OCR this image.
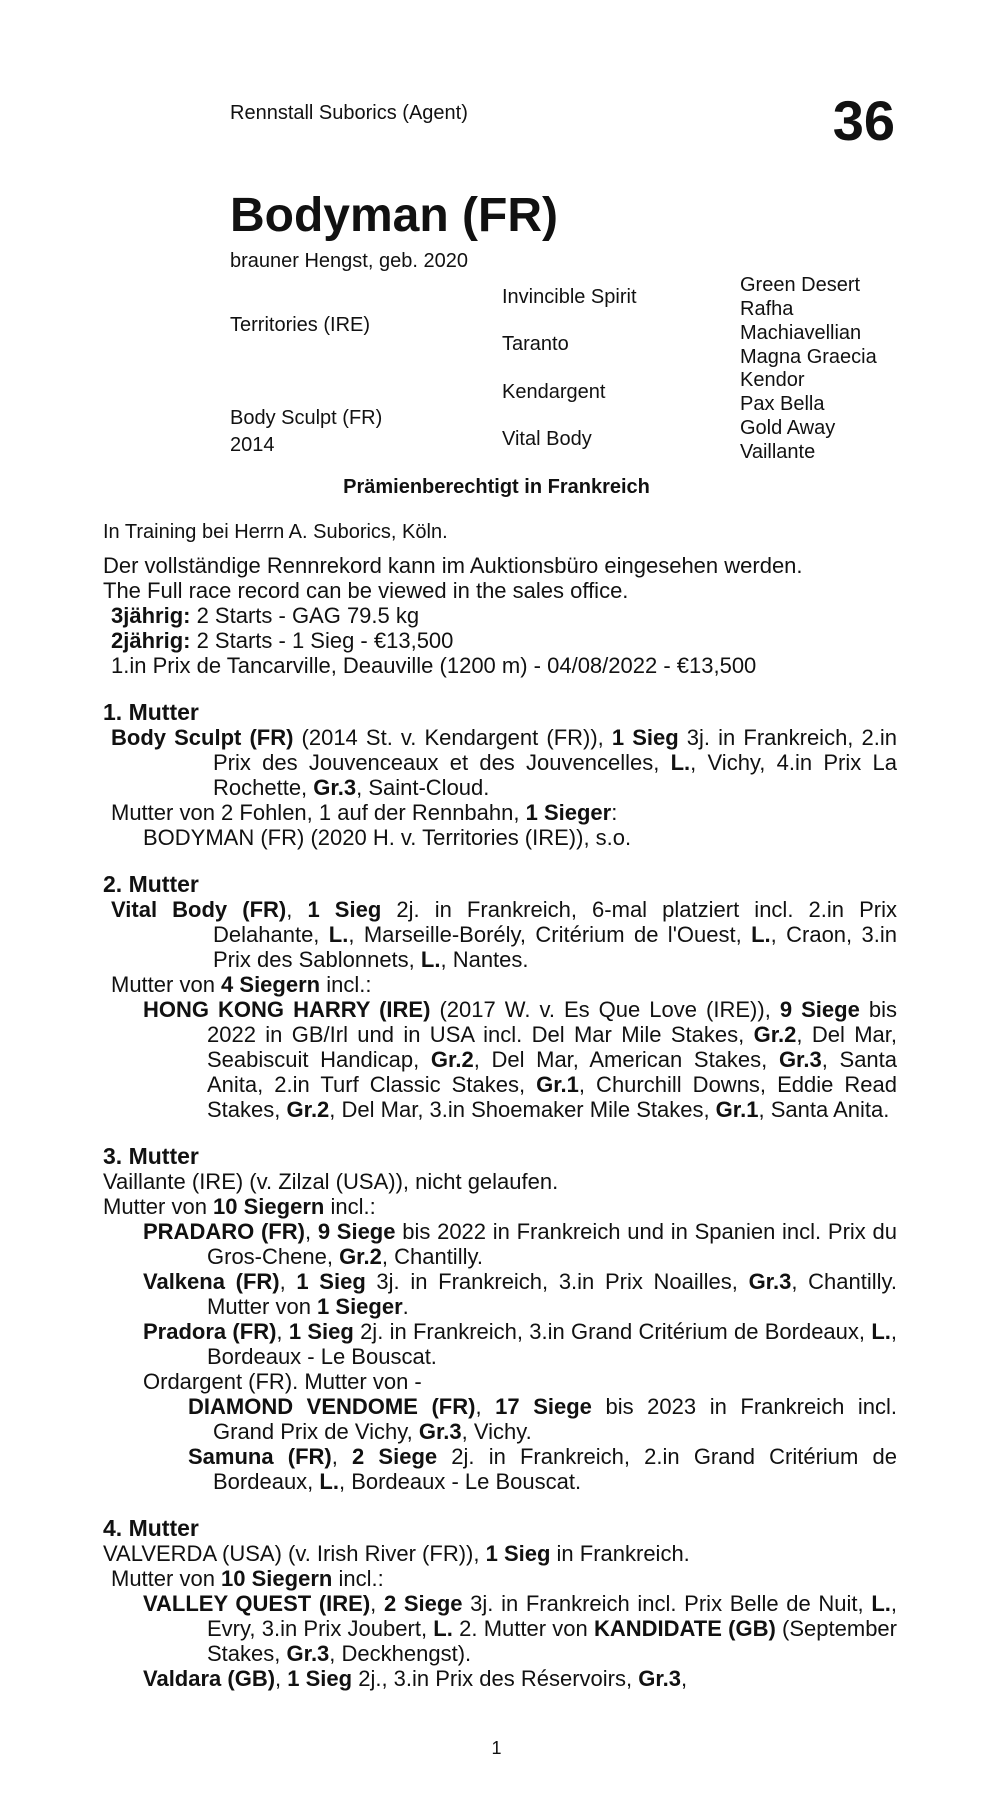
Rennstall Suborics (Agent)	36
Bodyman (FR)
brauner Hengst, geb. 2020
Territories (IRE)
Body Sculpt (FR)
2014
Invincible Spirit
Taranto
Kendargent
Vital Body
Green Desert
Rafha
Machiavellian
Magna Graecia
Kendor
Pax Bella
Gold Away
Vaillante
Prämienberechtigt in Frankreich

In Training bei Herrn A. Suborics, Köln.

Der vollständige Rennrekord kann im Auktionsbüro eingesehen werden.

The Full race record can be viewed in the sales office.

3jährig: 2 Starts - GAG 79.5 kg

2jährig: 2 Starts - 1 Sieg - €13,500

1.in Prix de Tancarville, Deauville (1200 m) - 04/08/2022 - €13,500

1. Mutter

Body Sculpt (FR) (2014 St. v. Kendargent (FR)), 1 Sieg 3j. in Frankreich, 2.in Prix des Jouvenceaux et des Jouvencelles, L., Vichy, 4.in Prix La Rochette, Gr.3, Saint-Cloud.

Mutter von 2 Fohlen, 1 auf der Rennbahn, 1 Sieger:

BODYMAN (FR) (2020 H. v. Territories (IRE)), s.o.

2. Mutter

Vital Body (FR), 1 Sieg 2j. in Frankreich, 6-mal platziert incl. 2.in Prix Delahante, L., Marseille-Borély, Critérium de l'Ouest, L., Craon, 3.in Prix des Sablonnets, L., Nantes.

Mutter von 4 Siegern incl.:

HONG KONG HARRY (IRE) (2017 W. v. Es Que Love (IRE)), 9 Siege bis 2022 in GB/Irl und in USA incl. Del Mar Mile Stakes, Gr.2, Del Mar, Seabiscuit Handicap, Gr.2, Del Mar, American Stakes, Gr.3, Santa Anita, 2.in Turf Classic Stakes, Gr.1, Churchill Downs, Eddie Read Stakes, Gr.2, Del Mar, 3.in Shoemaker Mile Stakes, Gr.1, Santa Anita.

3. Mutter

Vaillante (IRE) (v. Zilzal (USA)), nicht gelaufen.

Mutter von 10 Siegern incl.:

PRADARO (FR), 9 Siege bis 2022 in Frankreich und in Spanien incl. Prix du Gros-Chene, Gr.2, Chantilly.

Valkena (FR), 1 Sieg 3j. in Frankreich, 3.in Prix Noailles, Gr.3, Chantilly. Mutter von 1 Sieger.

Pradora (FR), 1 Sieg 2j. in Frankreich, 3.in Grand Critérium de Bordeaux, L., Bordeaux - Le Bouscat.

Ordargent (FR). Mutter von -

DIAMOND VENDOME (FR), 17 Siege bis 2023 in Frankreich incl. Grand Prix de Vichy, Gr.3, Vichy.

Samuna (FR), 2 Siege 2j. in Frankreich, 2.in Grand Critérium de Bordeaux, L., Bordeaux - Le Bouscat.

4. Mutter

VALVERDA (USA) (v. Irish River (FR)), 1 Sieg in Frankreich.

Mutter von 10 Siegern incl.:

VALLEY QUEST (IRE), 2 Siege 3j. in Frankreich incl. Prix Belle de Nuit, L., Evry, 3.in Prix Joubert, L. 2. Mutter von KANDIDATE (GB) (September Stakes, Gr.3, Deckhengst).

Valdara (GB), 1 Sieg 2j., 3.in Prix des Réservoirs, Gr.3,

1
